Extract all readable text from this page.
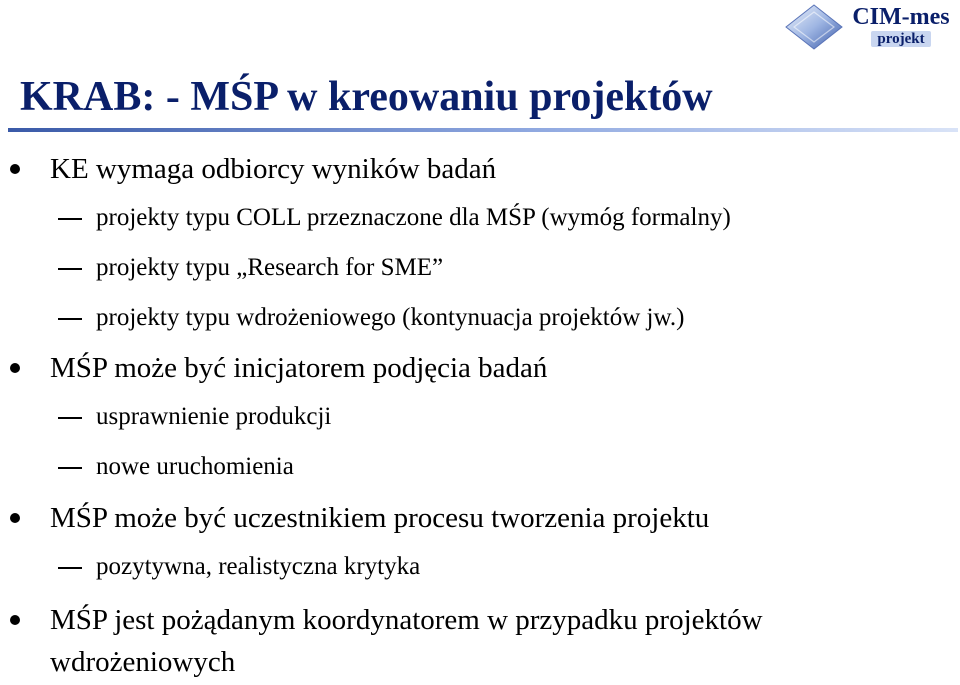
CIM-mes
projekt
KRAB: - MŚP w kreowaniu projektów
KE wymaga odbiorcy wyników badań
projekty typu COLL przeznaczone dla MŚP (wymóg formalny)
projekty typu „Research for SME”
projekty typu wdrożeniowego (kontynuacja projektów jw.)
MŚP może być inicjatorem podjęcia badań
usprawnienie produkcji
nowe uruchomienia
MŚP może być uczestnikiem procesu tworzenia projektu
pozytywna, realistyczna krytyka
MŚP jest pożądanym koordynatorem w przypadku projektów
wdrożeniowych
